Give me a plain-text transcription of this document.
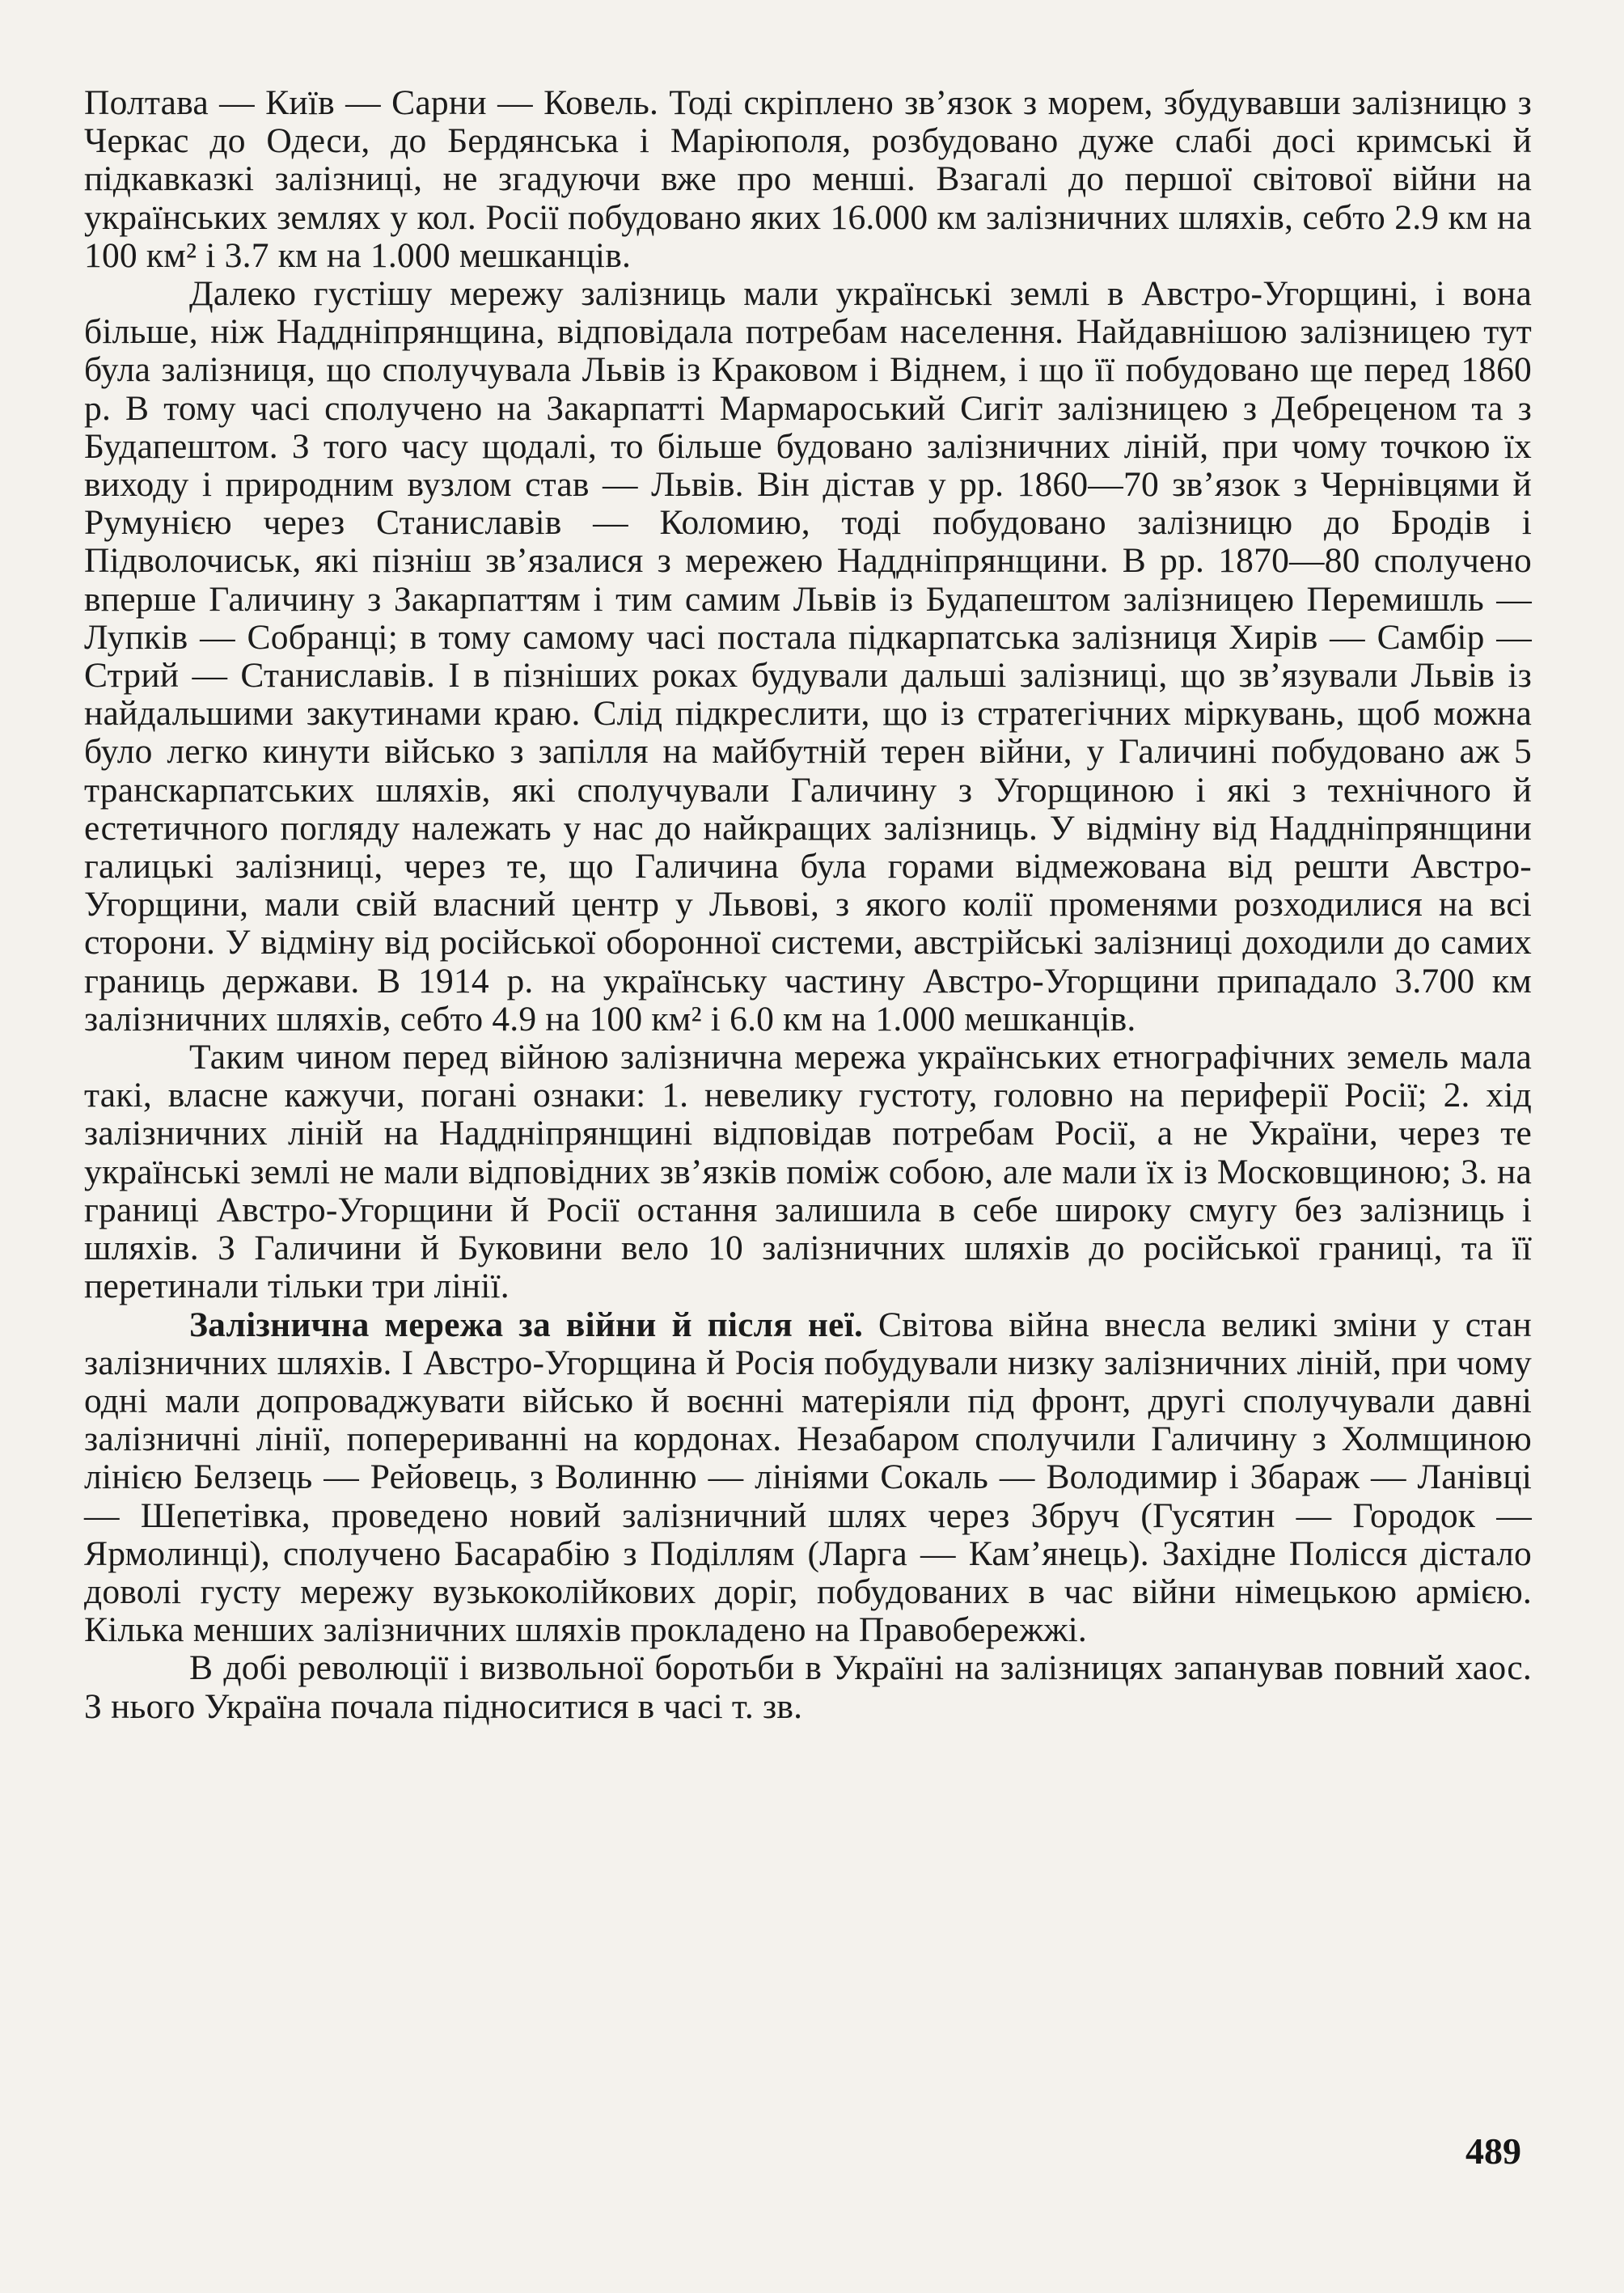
Полтава — Київ — Сарни — Ковель. Тоді скріплено зв’язок з морем, збудувавши залізницю з Черкас до Одеси, до Бердянська і Маріюполя, розбудовано дуже слабі досі кримські й підкавказкі залізниці, не згадуючи вже про менші. Взагалі до першої світової війни на українських землях у кол. Росії побудовано яких 16.000 км залізничних шляхів, себто 2.9 км на 100 км² і 3.7 км на 1.000 мешканців.

Далеко густішу мережу залізниць мали українські землі в Австро-Угорщині, і вона більше, ніж Наддніпрянщина, відповідала потребам населення. Найдавнішою залізницею тут була залізниця, що сполучувала Львів із Краковом і Віднем, і що її побудовано ще перед 1860 р. В тому часі сполучено на Закарпатті Мармароський Сигіт залізницею з Дебреценом та з Будапештом. З того часу щодалі, то більше будовано залізничних ліній, при чому точкою їх виходу і природним вузлом став — Львів. Він дістав у рр. 1860—70 зв’язок з Чернівцями й Румунією через Станиславів — Коломию, тоді побудовано залізницю до Бродів і Підволочиськ, які пізніш зв’язалися з мережею Наддніпрянщини. В рр. 1870—80 сполучено вперше Галичину з Закарпаттям і тим самим Львів із Будапештом залізницею Перемишль — Лупків — Собранці; в тому самому часі постала підкарпатська залізниця Хирів — Самбір — Стрий — Станиславів. І в пізніших роках будували дальші залізниці, що зв’язували Львів із найдальшими закутинами краю. Слід підкреслити, що із стратегічних міркувань, щоб можна було легко кинути військо з запілля на майбутній терен війни, у Галичині побудовано аж 5 транскарпатських шляхів, які сполучували Галичину з Угорщиною і які з технічного й естетичного погляду належать у нас до найкращих залізниць. У відміну від Наддніпрянщини галицькі залізниці, через те, що Галичина була горами відмежована від решти Австро-Угорщини, мали свій власний центр у Львові, з якого колії променями розходилися на всі сторони. У відміну від російської оборонної системи, австрійські залізниці доходили до самих границь держави. В 1914 р. на українську частину Австро-Угорщини припадало 3.700 км залізничних шляхів, себто 4.9 на 100 км² і 6.0 км на 1.000 мешканців.

Таким чином перед війною залізнична мережа українських етнографічних земель мала такі, власне кажучи, погані ознаки: 1. невелику густоту, головно на периферії Росії; 2. хід залізничних ліній на Наддніпрянщині відповідав потребам Росії, а не України, через те українські землі не мали відповідних зв’язків поміж собою, але мали їх із Московщиною; 3. на границі Австро-Угорщини й Росії остання залишила в себе широку смугу без залізниць і шляхів. З Галичини й Буковини вело 10 залізничних шляхів до російської границі, та її перетинали тільки три лінії.

Залізнична мережа за війни й після неї. Світова війна внесла великі зміни у стан залізничних шляхів. І Австро-Угорщина й Росія побудували низку залізничних ліній, при чому одні мали допроваджувати військо й воєнні матеріяли під фронт, другі сполучували давні залізничні лінії, поперериванні на кордонах. Незабаром сполучили Галичину з Холмщиною лінією Белзець — Рейовець, з Волинню — лініями Сокаль — Володимир і Збараж — Ланівці — Шепетівка, проведено новий залізничний шлях через Збруч (Гусятин — Городок — Ярмолинці), сполучено Басарабію з Поділлям (Ларга — Кам’янець). Західне Полісся дістало доволі густу мережу вузькоколійкових доріг, побудованих в час війни німецькою армією. Кілька менших залізничних шляхів прокладено на Правобережжі.

В добі революції і визвольної боротьби в Україні на залізницях запанував повний хаос. З нього Україна почала підноситися в часі т. зв.

489
